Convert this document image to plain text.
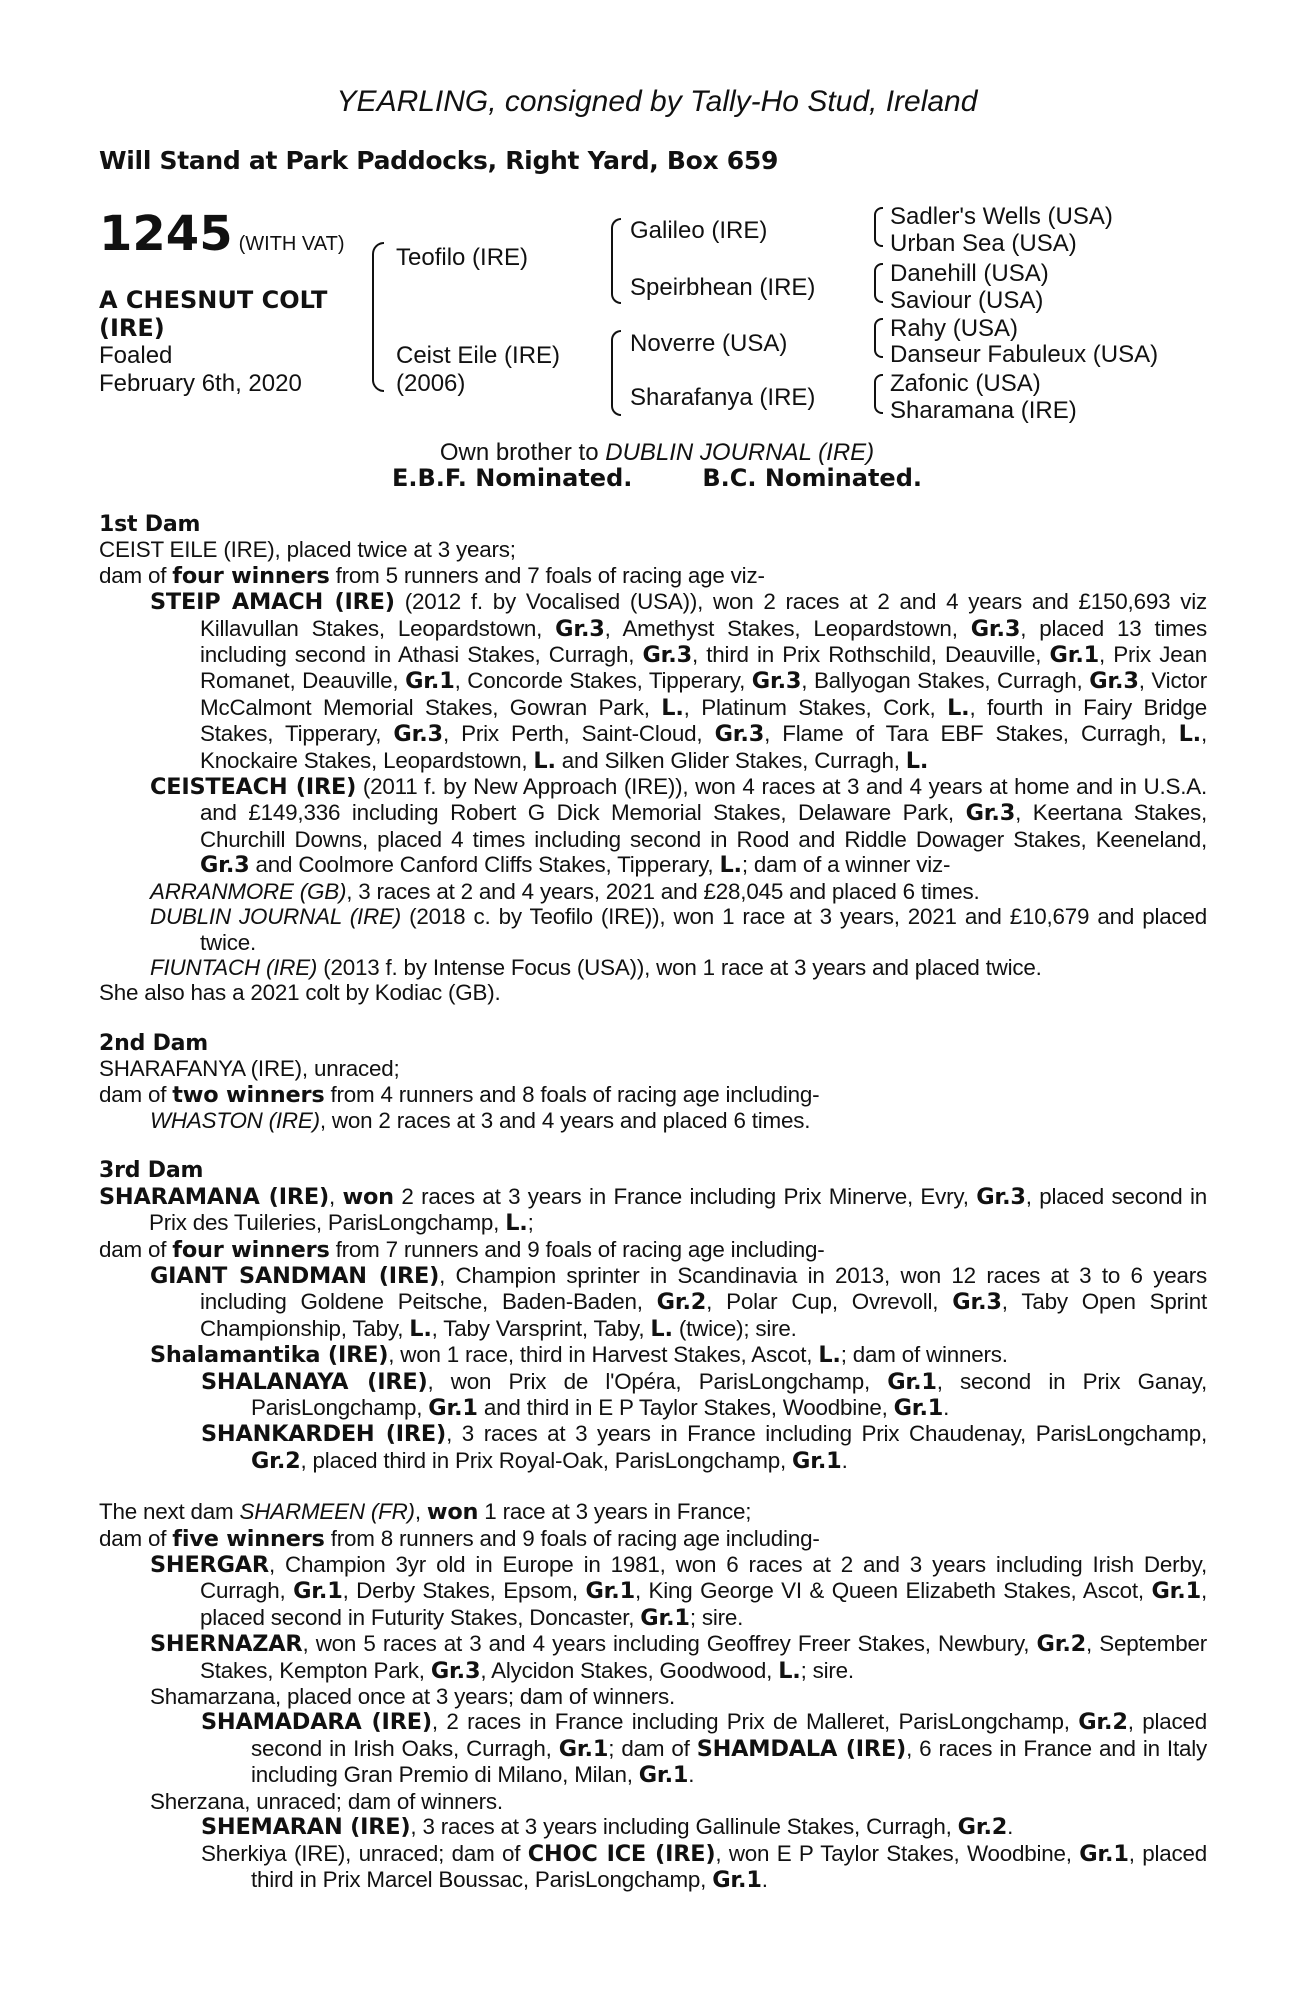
YEARLING, consigned by Tally-Ho Stud, Ireland
Will Stand at Park Paddocks, Right Yard, Box 659
1245 (WITH VAT)
A CHESNUT COLT
(IRE)
Foaled
February 6th, 2020
Teofilo (IRE)
Ceist Eile (IRE)
(2006)
Galileo (IRE)
Speirbhean (IRE)
Noverre (USA)
Sharafanya (IRE)
Sadler's Wells (USA)
Urban Sea (USA)
Danehill (USA)
Saviour (USA)
Rahy (USA)
Danseur Fabuleux (USA)
Zafonic (USA)
Sharamana (IRE)
Own brother to DUBLIN JOURNAL (IRE)
E.B.F. Nominated.	B.C. Nominated.

1st Dam

CEIST EILE (IRE), placed twice at 3 years;

dam of four winners from 5 runners and 7 foals of racing age viz-

STEIP AMACH (IRE) (2012 f. by Vocalised (USA)), won 2 races at 2 and 4 years and £150,693 viz Killavullan Stakes, Leopardstown, Gr.3, Amethyst Stakes, Leopardstown, Gr.3, placed 13 times including second in Athasi Stakes, Curragh, Gr.3, third in Prix Rothschild, Deauville, Gr.1, Prix Jean Romanet, Deauville, Gr.1, Concorde Stakes, Tipperary, Gr.3, Ballyogan Stakes, Curragh, Gr.3, Victor McCalmont Memorial Stakes, Gowran Park, L., Platinum Stakes, Cork, L., fourth in Fairy Bridge Stakes, Tipperary, Gr.3, Prix Perth, Saint-Cloud, Gr.3, Flame of Tara EBF Stakes, Curragh, L., Knockaire Stakes, Leopardstown, L. and Silken Glider Stakes, Curragh, L.

CEISTEACH (IRE) (2011 f. by New Approach (IRE)), won 4 races at 3 and 4 years at home and in U.S.A. and £149,336 including Robert G Dick Memorial Stakes, Delaware Park, Gr.3, Keertana Stakes, Churchill Downs, placed 4 times including second in Rood and Riddle Dowager Stakes, Keeneland, Gr.3 and Coolmore Canford Cliffs Stakes, Tipperary, L.; dam of a winner viz-

ARRANMORE (GB), 3 races at 2 and 4 years, 2021 and £28,045 and placed 6 times.

DUBLIN JOURNAL (IRE) (2018 c. by Teofilo (IRE)), won 1 race at 3 years, 2021 and £10,679 and placed twice.

FIUNTACH (IRE) (2013 f. by Intense Focus (USA)), won 1 race at 3 years and placed twice.

She also has a 2021 colt by Kodiac (GB).

2nd Dam

SHARAFANYA (IRE), unraced;

dam of two winners from 4 runners and 8 foals of racing age including-

WHASTON (IRE), won 2 races at 3 and 4 years and placed 6 times.

3rd Dam

SHARAMANA (IRE), won 2 races at 3 years in France including Prix Minerve, Evry, Gr.3, placed second in Prix des Tuileries, ParisLongchamp, L.;

dam of four winners from 7 runners and 9 foals of racing age including-

GIANT SANDMAN (IRE), Champion sprinter in Scandinavia in 2013, won 12 races at 3 to 6 years including Goldene Peitsche, Baden-Baden, Gr.2, Polar Cup, Ovrevoll, Gr.3, Taby Open Sprint Championship, Taby, L., Taby Varsprint, Taby, L. (twice); sire.

Shalamantika (IRE), won 1 race, third in Harvest Stakes, Ascot, L.; dam of winners.

SHALANAYA (IRE), won Prix de l'Opéra, ParisLongchamp, Gr.1, second in Prix Ganay, ParisLongchamp, Gr.1 and third in E P Taylor Stakes, Woodbine, Gr.1.

SHANKARDEH (IRE), 3 races at 3 years in France including Prix Chaudenay, ParisLongchamp, Gr.2, placed third in Prix Royal-Oak, ParisLongchamp, Gr.1.

The next dam SHARMEEN (FR), won 1 race at 3 years in France;

dam of five winners from 8 runners and 9 foals of racing age including-

SHERGAR, Champion 3yr old in Europe in 1981, won 6 races at 2 and 3 years including Irish Derby, Curragh, Gr.1, Derby Stakes, Epsom, Gr.1, King George VI & Queen Elizabeth Stakes, Ascot, Gr.1, placed second in Futurity Stakes, Doncaster, Gr.1; sire.

SHERNAZAR, won 5 races at 3 and 4 years including Geoffrey Freer Stakes, Newbury, Gr.2, September Stakes, Kempton Park, Gr.3, Alycidon Stakes, Goodwood, L.; sire.

Shamarzana, placed once at 3 years; dam of winners.

SHAMADARA (IRE), 2 races in France including Prix de Malleret, ParisLongchamp, Gr.2, placed second in Irish Oaks, Curragh, Gr.1; dam of SHAMDALA (IRE), 6 races in France and in Italy including Gran Premio di Milano, Milan, Gr.1.

Sherzana, unraced; dam of winners.

SHEMARAN (IRE), 3 races at 3 years including Gallinule Stakes, Curragh, Gr.2.

Sherkiya (IRE), unraced; dam of CHOC ICE (IRE), won E P Taylor Stakes, Woodbine, Gr.1, placed third in Prix Marcel Boussac, ParisLongchamp, Gr.1.
